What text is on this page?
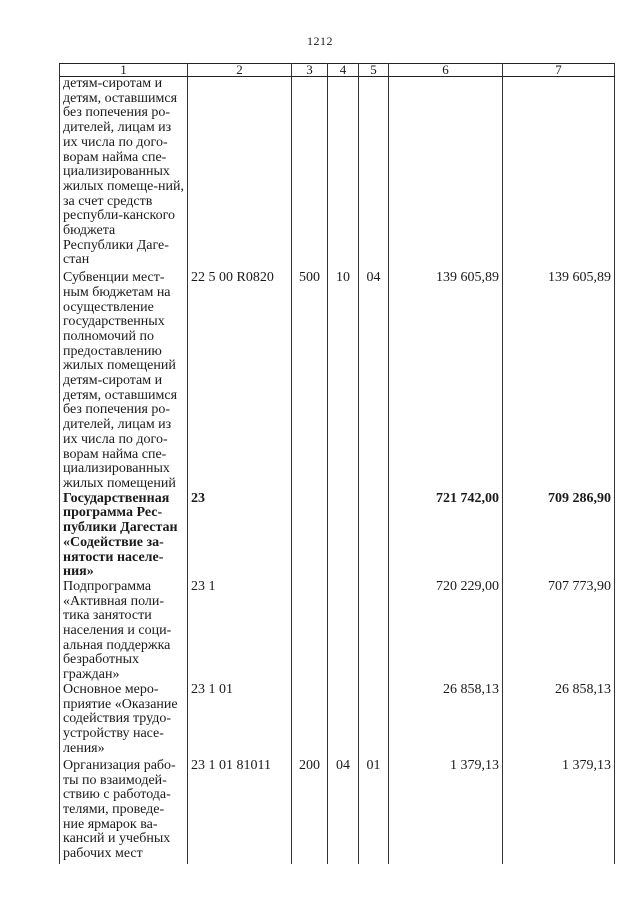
1212
1	2	3	4	5	6	7
детям-сиротам и детям, оставшимся без попечения ро-дителей, лицам из их числа по дого-ворам найма спе-циализированных жилых помеще-ний, за счет средств республи-канского бюджета Республики Даге-стан						
Субвенции мест-ным бюджетам на осуществление государственных полномочий по предоставлению жилых помещений детям-сиротам и детям, оставшимся без попечения ро-дителей, лицам из их числа по дого-ворам найма спе-циализированных жилых помещений	22 5 00 R0820	500	10	04	139 605,89	139 605,89
Государственная программа Рес-публики Дагестан «Содействие за-нятости населе-ния»	23				721 742,00	709 286,90
Подпрограмма «Активная поли-тика занятости населения и соци-альная поддержка безработных граждан»	23 1				720 229,00	707 773,90
Основное меро-приятие «Оказание содействия трудо-устройству насе-ления»	23 1 01				26 858,13	26 858,13
Организация рабо-ты по взаимодей-ствию с работода-телями, проведе-ние ярмарок ва-кансий и учебных рабочих мест	23 1 01 81011	200	04	01	1 379,13	1 379,13
